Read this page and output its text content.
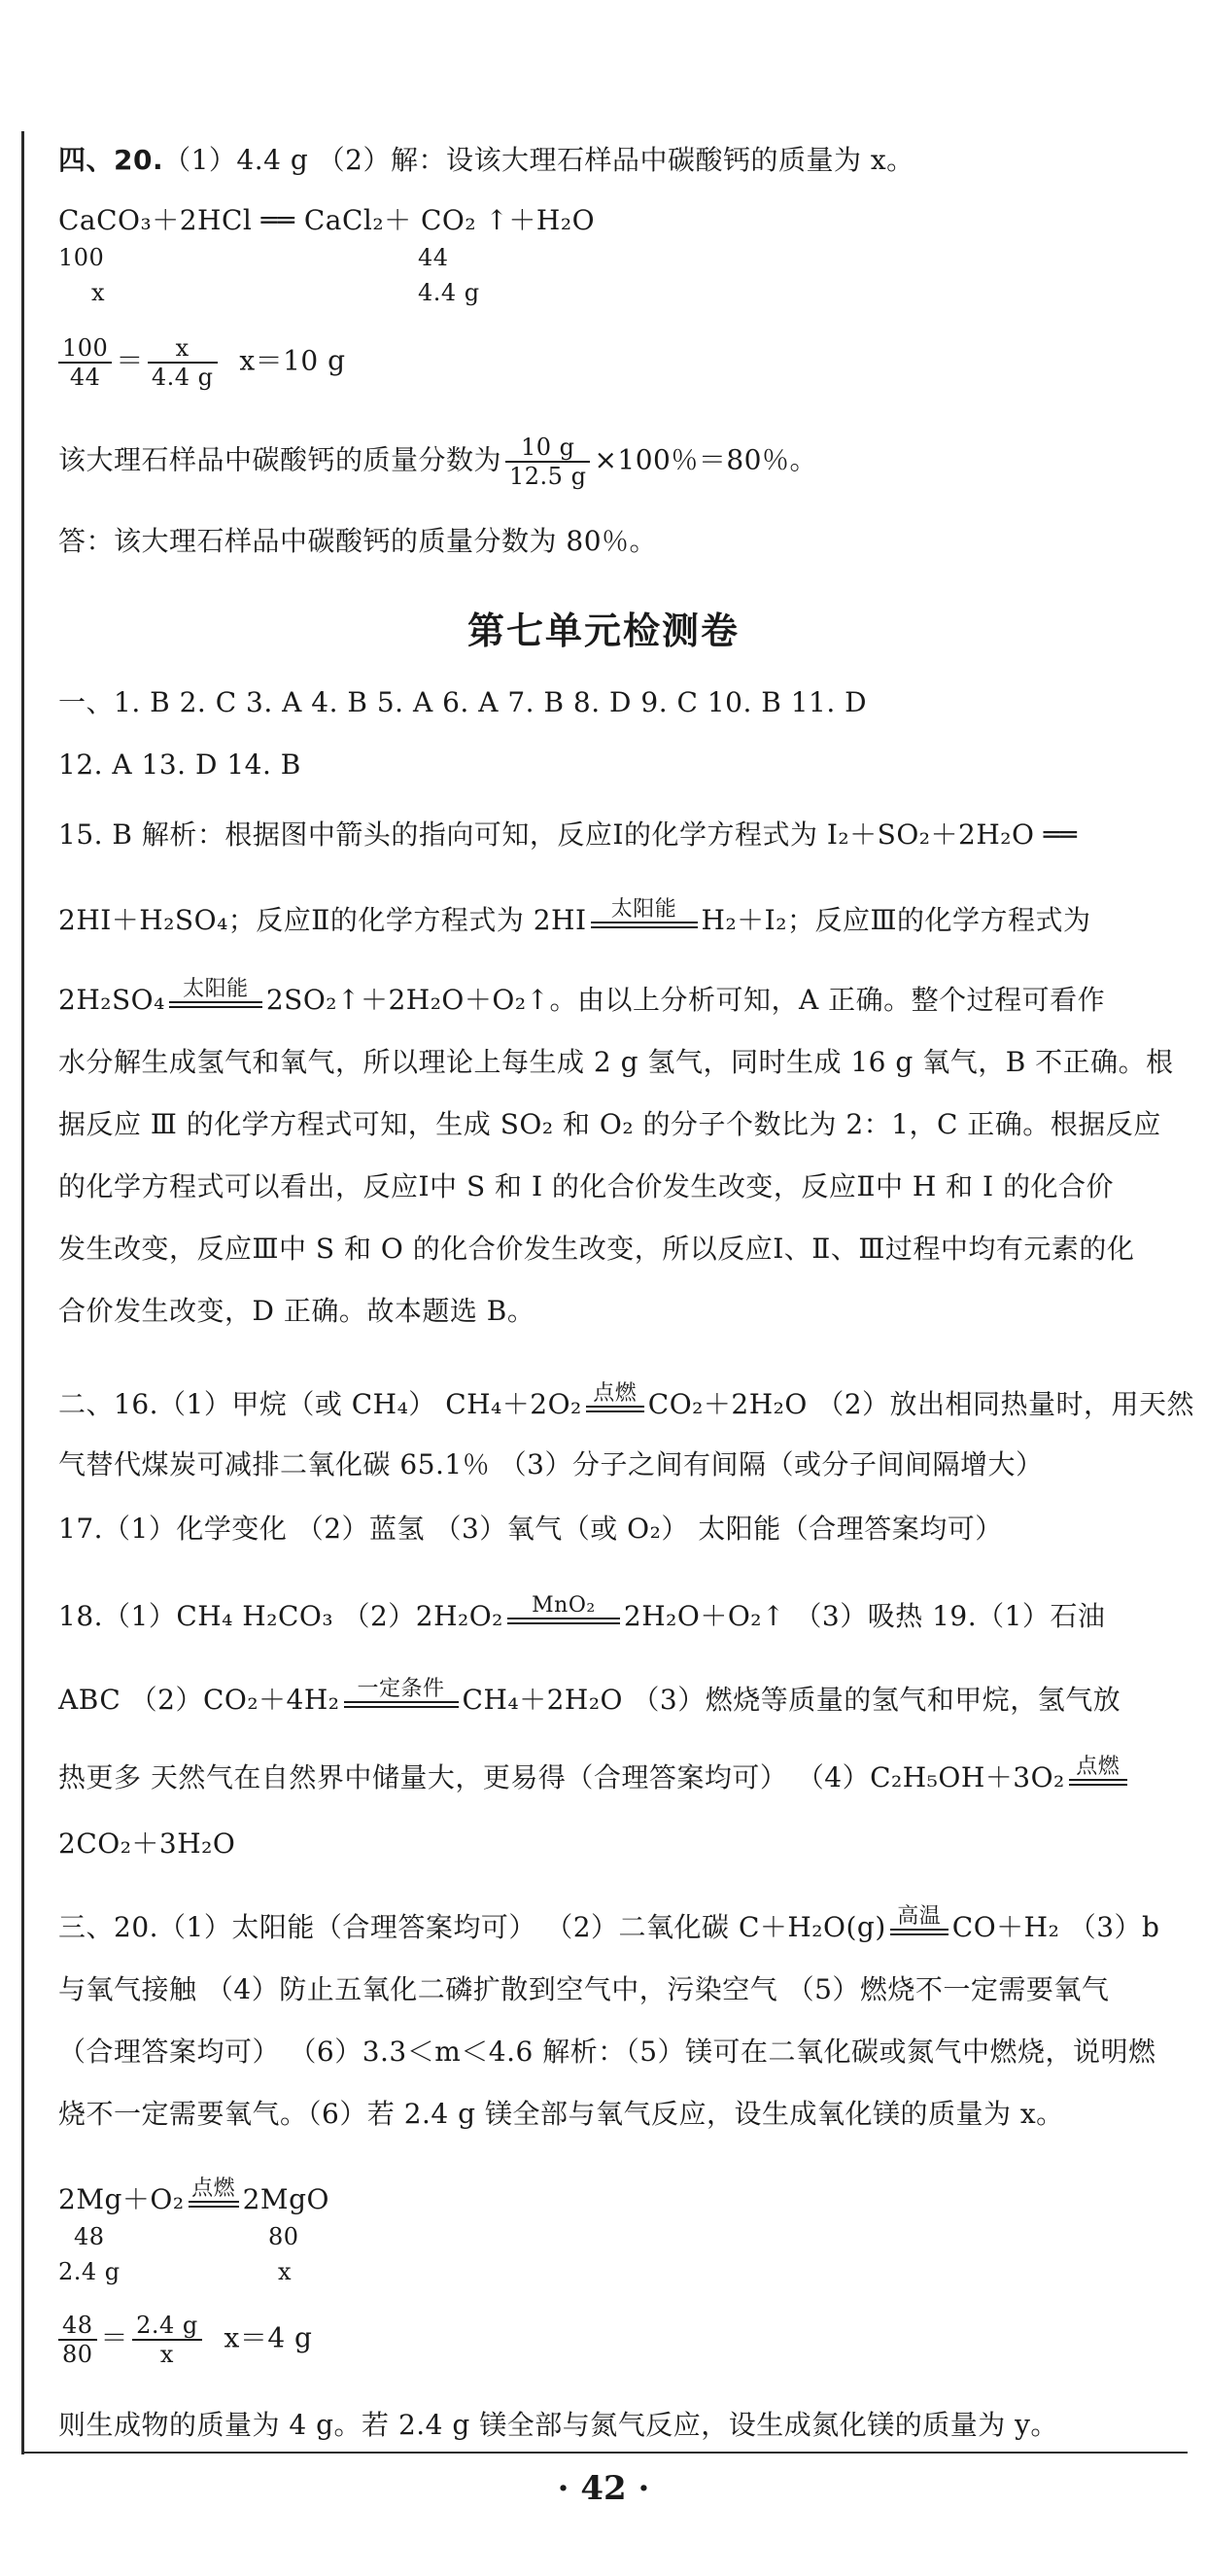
四、20.（1）4.4 g （2）解：设该大理石样品中碳酸钙的质量为 x。
CaCO₃＋2HCl ══ CaCl₂＋ CO₂ ↑＋H₂O
100	44
x	4.4 g
$\frac{100}{44} = \frac{x}{4.4 g} x=10$ g
该大理石样品中碳酸钙的质量分数为 $\frac{10 g}{12.5 g} \times 100$％＝80％。
答：该大理石样品中碳酸钙的质量分数为 80％。
第七单元检测卷
一、1. B 2. C 3. A 4. B 5. A 6. A 7. B 8. D 9. C 10. B 11. D
12. A 13. D 14. B
15. B 解析：根据图中箭头的指向可知，反应Ⅰ的化学方程式为 I₂＋SO₂＋2H₂O ══
2HI＋H₂SO₄；反应Ⅱ的化学方程式为 2HI	太阳能 H₂＋I₂；反应Ⅲ的化学方程式为
2H₂SO₄ 太阳能 2SO₂↑＋2H₂O＋O₂↑。由以上分析可知，A 正确。整个过程可看作
水分解生成氢气和氧气，所以理论上每生成 2 g 氢气，同时生成 16 g 氧气，B 不正确。根
据反应 Ⅲ 的化学方程式可知，生成 SO₂ 和 O₂ 的分子个数比为 2：1，C 正确。根据反应
的化学方程式可以看出，反应Ⅰ中 S 和 I 的化合价发生改变，反应Ⅱ中 H 和 I 的化合价
发生改变，反应Ⅲ中 S 和 O 的化合价发生改变，所以反应Ⅰ、Ⅱ、Ⅲ过程中均有元素的化
合价发生改变，D 正确。故本题选 B。
二、16.（1）甲烷（或 CH₄） CH₄＋2O₂ 点燃 CO₂＋2H₂O （2）放出相同热量时，用天然
气替代煤炭可减排二氧化碳 65.1％ （3）分子之间有间隔（或分子间间隔增大）
17.（1）化学变化 （2）蓝氢 （3）氧气（或 O₂） 太阳能（合理答案均可）
18.（1）CH₄ H₂CO₃ （2）2H₂O₂	MnO₂	2H₂O＋O₂↑ （3）吸热 19.（1）石油
ABC （2）CO₂＋4H₂ 一定条件 CH₄＋2H₂O （3）燃烧等质量的氢气和甲烷，氢气放
热更多 天然气在自然界中储量大，更易得（合理答案均可） （4）C₂H₅OH＋3O₂ 点燃
2CO₂＋3H₂O
三、20.（1）太阳能（合理答案均可） （2）二氧化碳 C＋H₂O(g) 高温 CO＋H₂ （3）b
与氧气接触 （4）防止五氧化二磷扩散到空气中，污染空气 （5）燃烧不一定需要氧气
（合理答案均可） （6）3.3＜m＜4.6 解析：（5）镁可在二氧化碳或氮气中燃烧，说明燃
烧不一定需要氧气。（6）若 2.4 g 镁全部与氧气反应，设生成氧化镁的质量为 x。
2Mg＋O₂ 点燃 2MgO
48	80
2.4 g	x
$\frac{48}{80} = \frac{2.4 g}{x} x=4$ g
则生成物的质量为 4 g。若 2.4 g 镁全部与氮气反应，设生成氮化镁的质量为 y。
· 42 ·
